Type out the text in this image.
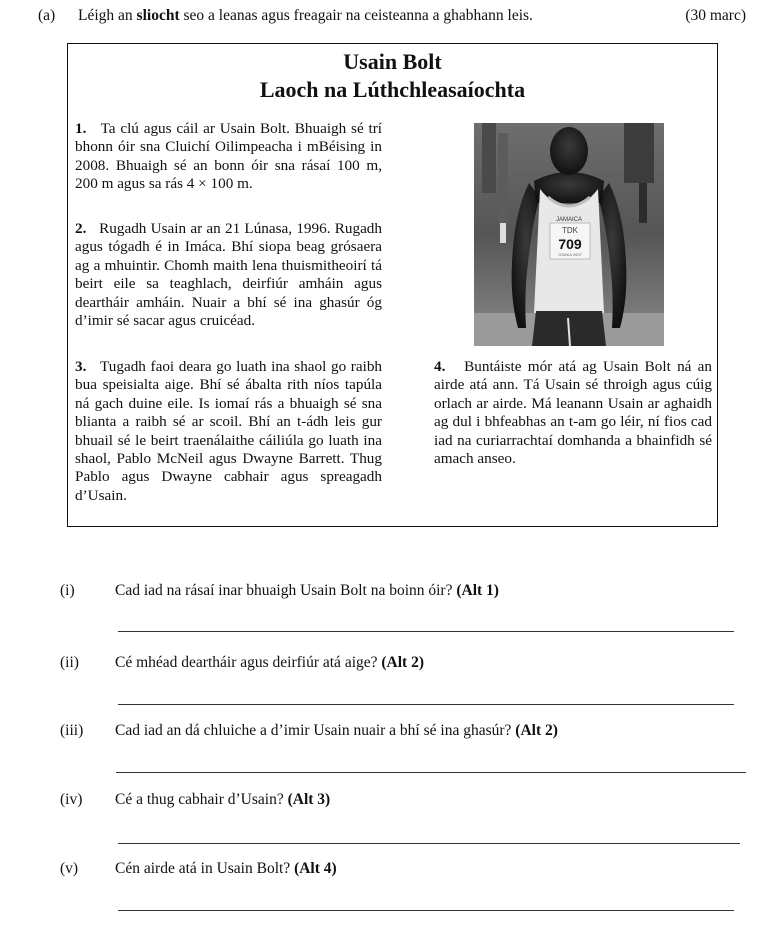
(a) Léigh an sliocht seo a leanas agus freagair na ceisteanna a ghabhann leis.	(30 marc)
Usain Bolt
Laoch na Lúthchleasaíochta
1. Ta clú agus cáil ar Usain Bolt. Bhuaigh sé trí bhonn óir sna Cluichí Oilimpeacha i mBéising in 2008. Bhuaigh sé an bonn óir sna rásaí 100 m, 200 m agus sa rás 4 × 100 m.
2. Rugadh Usain ar an 21 Lúnasa, 1996. Rugadh agus tógadh é in Imáca. Bhí siopa beag grósaera ag a mhuintir. Chomh maith lena thuismitheoirí tá beirt eile sa teaghlach, deirfiúr amháin agus deartháir amháin. Nuair a bhí sé ina ghasúr óg d’imir sé sacar agus cruicéad.
3. Tugadh faoi deara go luath ina shaol go raibh bua speisialta aige. Bhí sé ábalta rith níos tapúla ná gach duine eile. Is iomaí rás a bhuaigh sé sna blianta a raibh sé ar scoil. Bhí an t-ádh leis gur bhuail sé le beirt traenálaithe cáiliúla go luath ina shaol, Pablo McNeil agus Dwayne Barrett. Thug Pablo agus Dwayne cabhair agus spreagadh d’Usain.
4. Buntáiste mór atá ag Usain Bolt ná an airde atá ann. Tá Usain sé throigh agus cúig orlach ar airde. Má leanann Usain ar aghaidh ag dul i bhfeabhas an t-am go léir, ní fios cad iad na curiarrachtaí domhanda a bhainfidh sé amach anseo.
JAMAICA
TDK
709
OSAKA 2007
(i)	Cad iad na rásaí inar bhuaigh Usain Bolt na boinn óir? (Alt 1)
(ii) Cé mhéad deartháir agus deirfiúr atá aige? (Alt 2)
(iii) Cad iad an dá chluiche a d’imir Usain nuair a bhí sé ina ghasúr? (Alt 2)
(iv) Cé a thug cabhair d’Usain? (Alt 3)
(v) Cén airde atá in Usain Bolt? (Alt 4)
